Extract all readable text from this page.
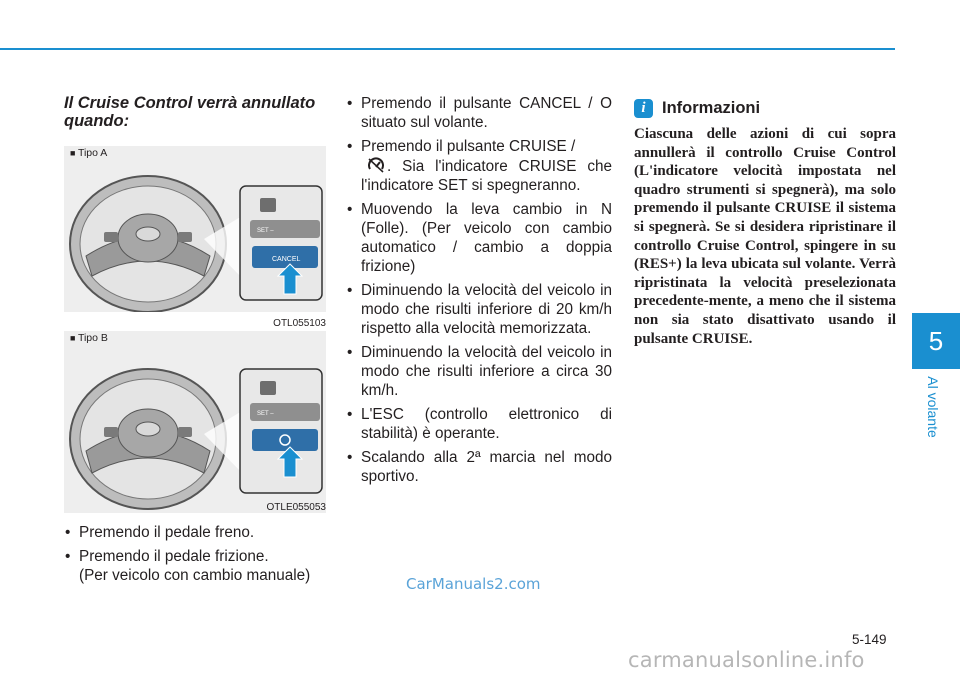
5
Al volante
Il Cruise Control verrà annullato quando:
■ Tipo A
SET –
CANCEL
OTL055103
■ Tipo B
SET –
OTLE055053
• Premendo il pedale freno.
• Premendo il pedale frizione.
(Per veicolo con cambio manuale)
• Premendo il pulsante CANCEL / O situato sul volante.
• Premendo il pulsante CRUISE /
. Sia l'indicatore CRUISE che l'indicatore SET si spegneranno.
• Muovendo la leva cambio in N (Folle). (Per veicolo con cambio automatico / cambio a doppia frizione)
• Diminuendo la velocità del veicolo in modo che risulti inferiore di 20 km/h rispetto alla velocità memorizzata.
• Diminuendo la velocità del veicolo in modo che risulti inferiore a circa 30 km/h.
• L'ESC (controllo elettronico di stabilità) è operante.
• Scalando alla 2ª marcia nel modo sportivo.
i Informazioni
Ciascuna delle azioni di cui sopra annullerà il controllo Cruise Control (L'indicatore velocità impostata nel quadro strumenti si spegnerà), ma solo premendo il pulsante CRUISE il sistema si spegnerà. Se si desidera ripristinare il controllo Cruise Control, spingere in su (RES+) la leva ubicata sul volante. Verrà ripristinata la velocità preselezionata precedente-mente, a meno che il sistema non sia stato disattivato usando il pulsante CRUISE.
5-149
CarManuals2.com
carmanualsonline.info
